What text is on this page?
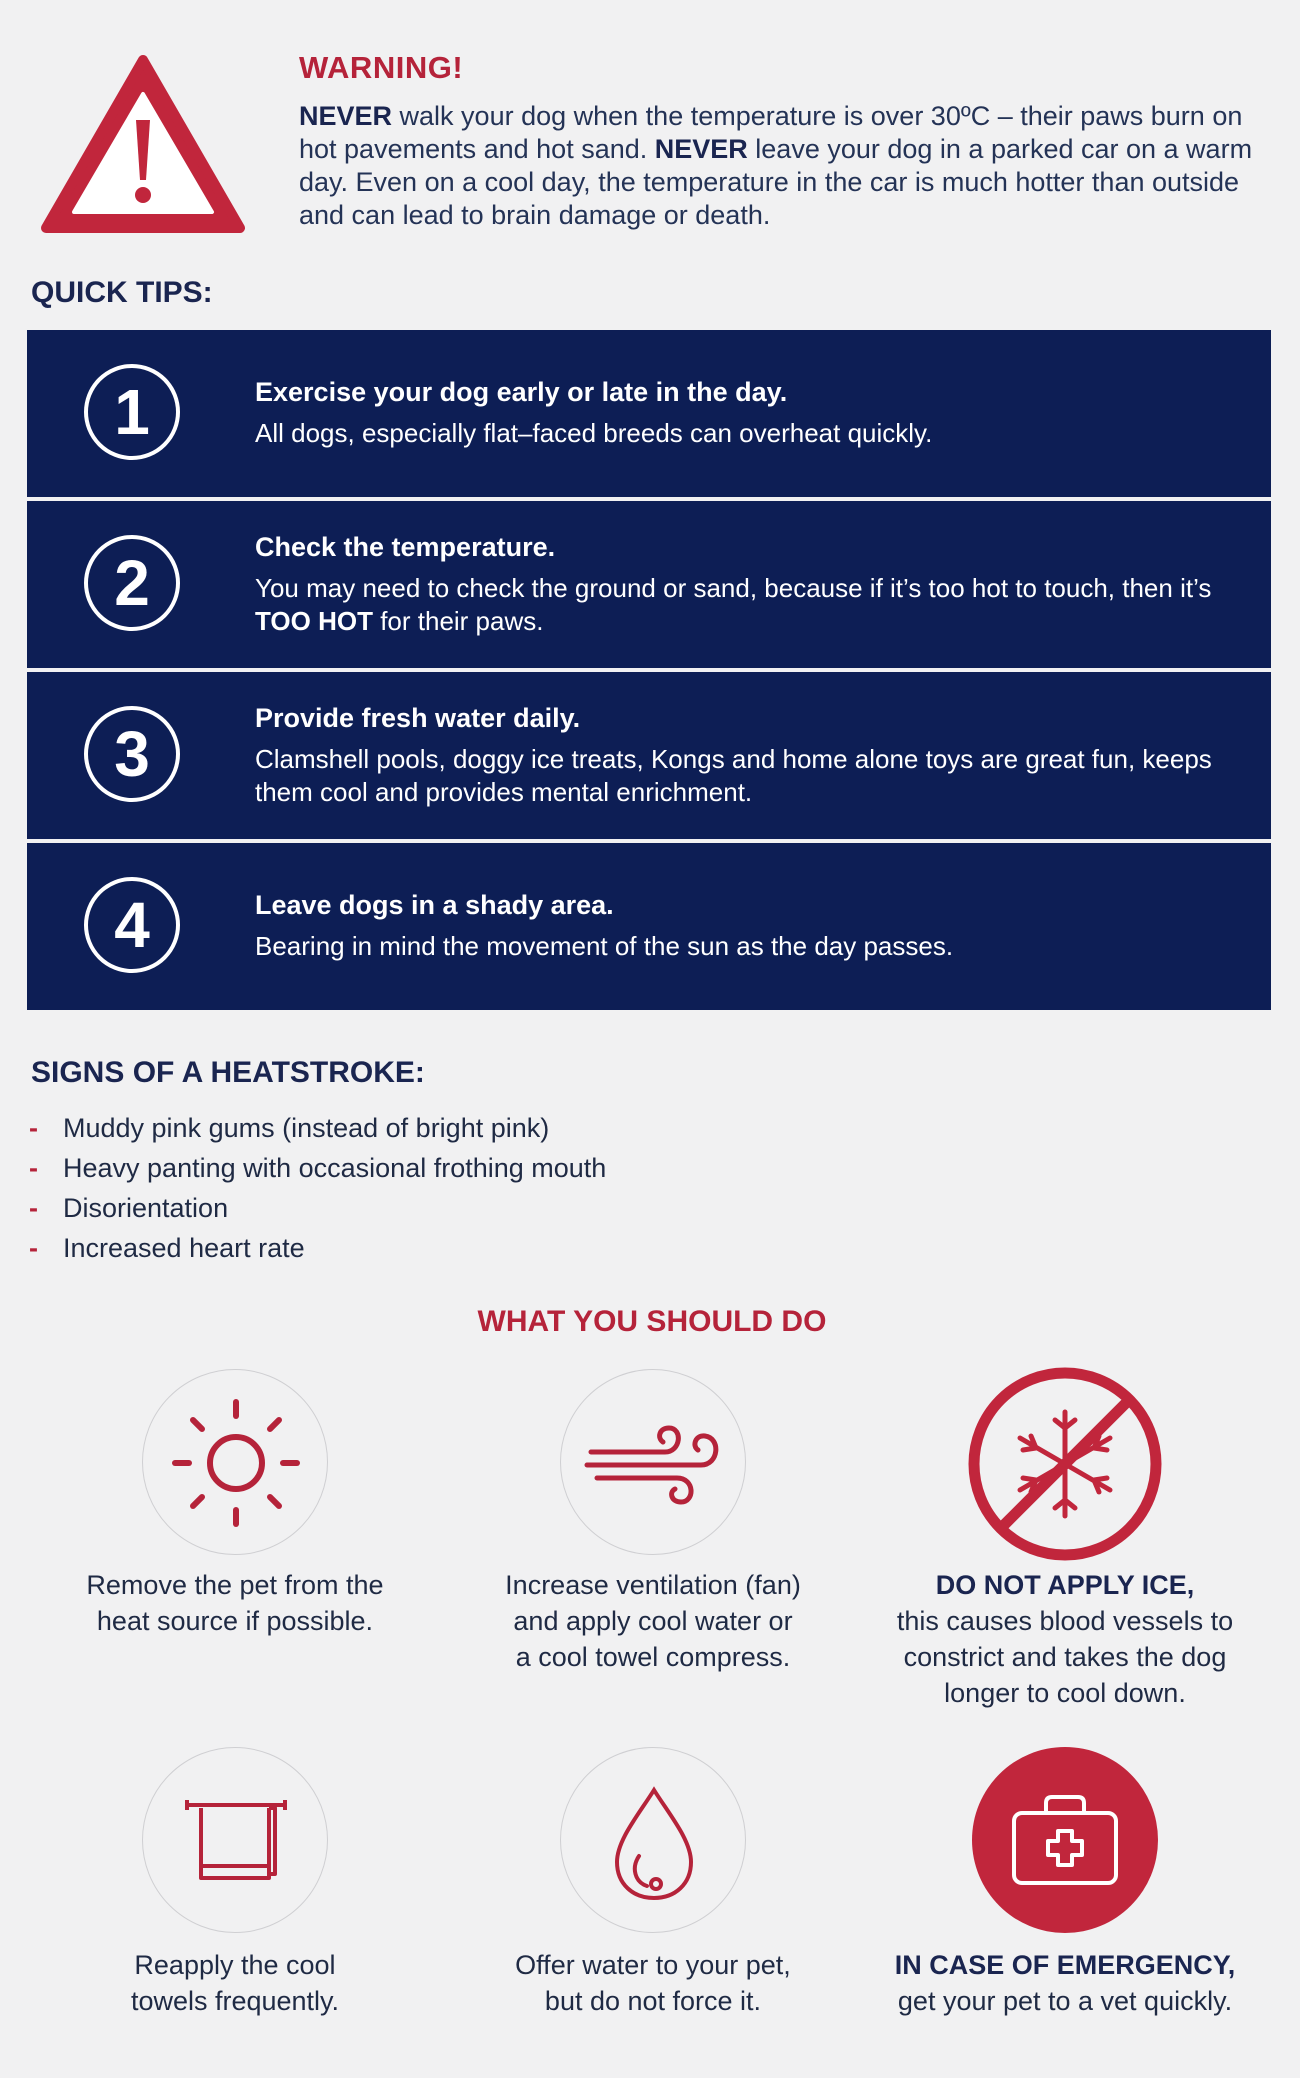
WARNING!
NEVER walk your dog when the temperature is over 30ºC – their paws burn on hot pavements and hot sand. NEVER leave your dog in a parked car on a warm day. Even on a cool day, the temperature in the car is much hotter than outside and can lead to brain damage or death.
QUICK TIPS:
1	Exercise your dog early or late in the day.
All dogs, especially flat–faced breeds can overheat quickly.
2
Check the temperature.
You may need to check the ground or sand, because if it’s too hot to touch, then it’s TOO HOT for their paws.
3
Provide fresh water daily.
Clamshell pools, doggy ice treats, Kongs and home alone toys are great fun, keeps them cool and provides mental enrichment.
4	Leave dogs in a shady area.
Bearing in mind the movement of the sun as the day passes.
SIGNS OF A HEATSTROKE:
- Muddy pink gums (instead of bright pink)
- Heavy panting with occasional frothing mouth
- Disorientation
- Increased heart rate
WHAT YOU SHOULD DO
Remove the pet from the
heat source if possible.
Increase ventilation (fan)
and apply cool water or
a cool towel compress.
DO NOT APPLY ICE,
this causes blood vessels to
constrict and takes the dog
longer to cool down.
Reapply the cool
towels frequently.
Offer water to your pet,
but do not force it.
IN CASE OF EMERGENCY,
get your pet to a vet quickly.
